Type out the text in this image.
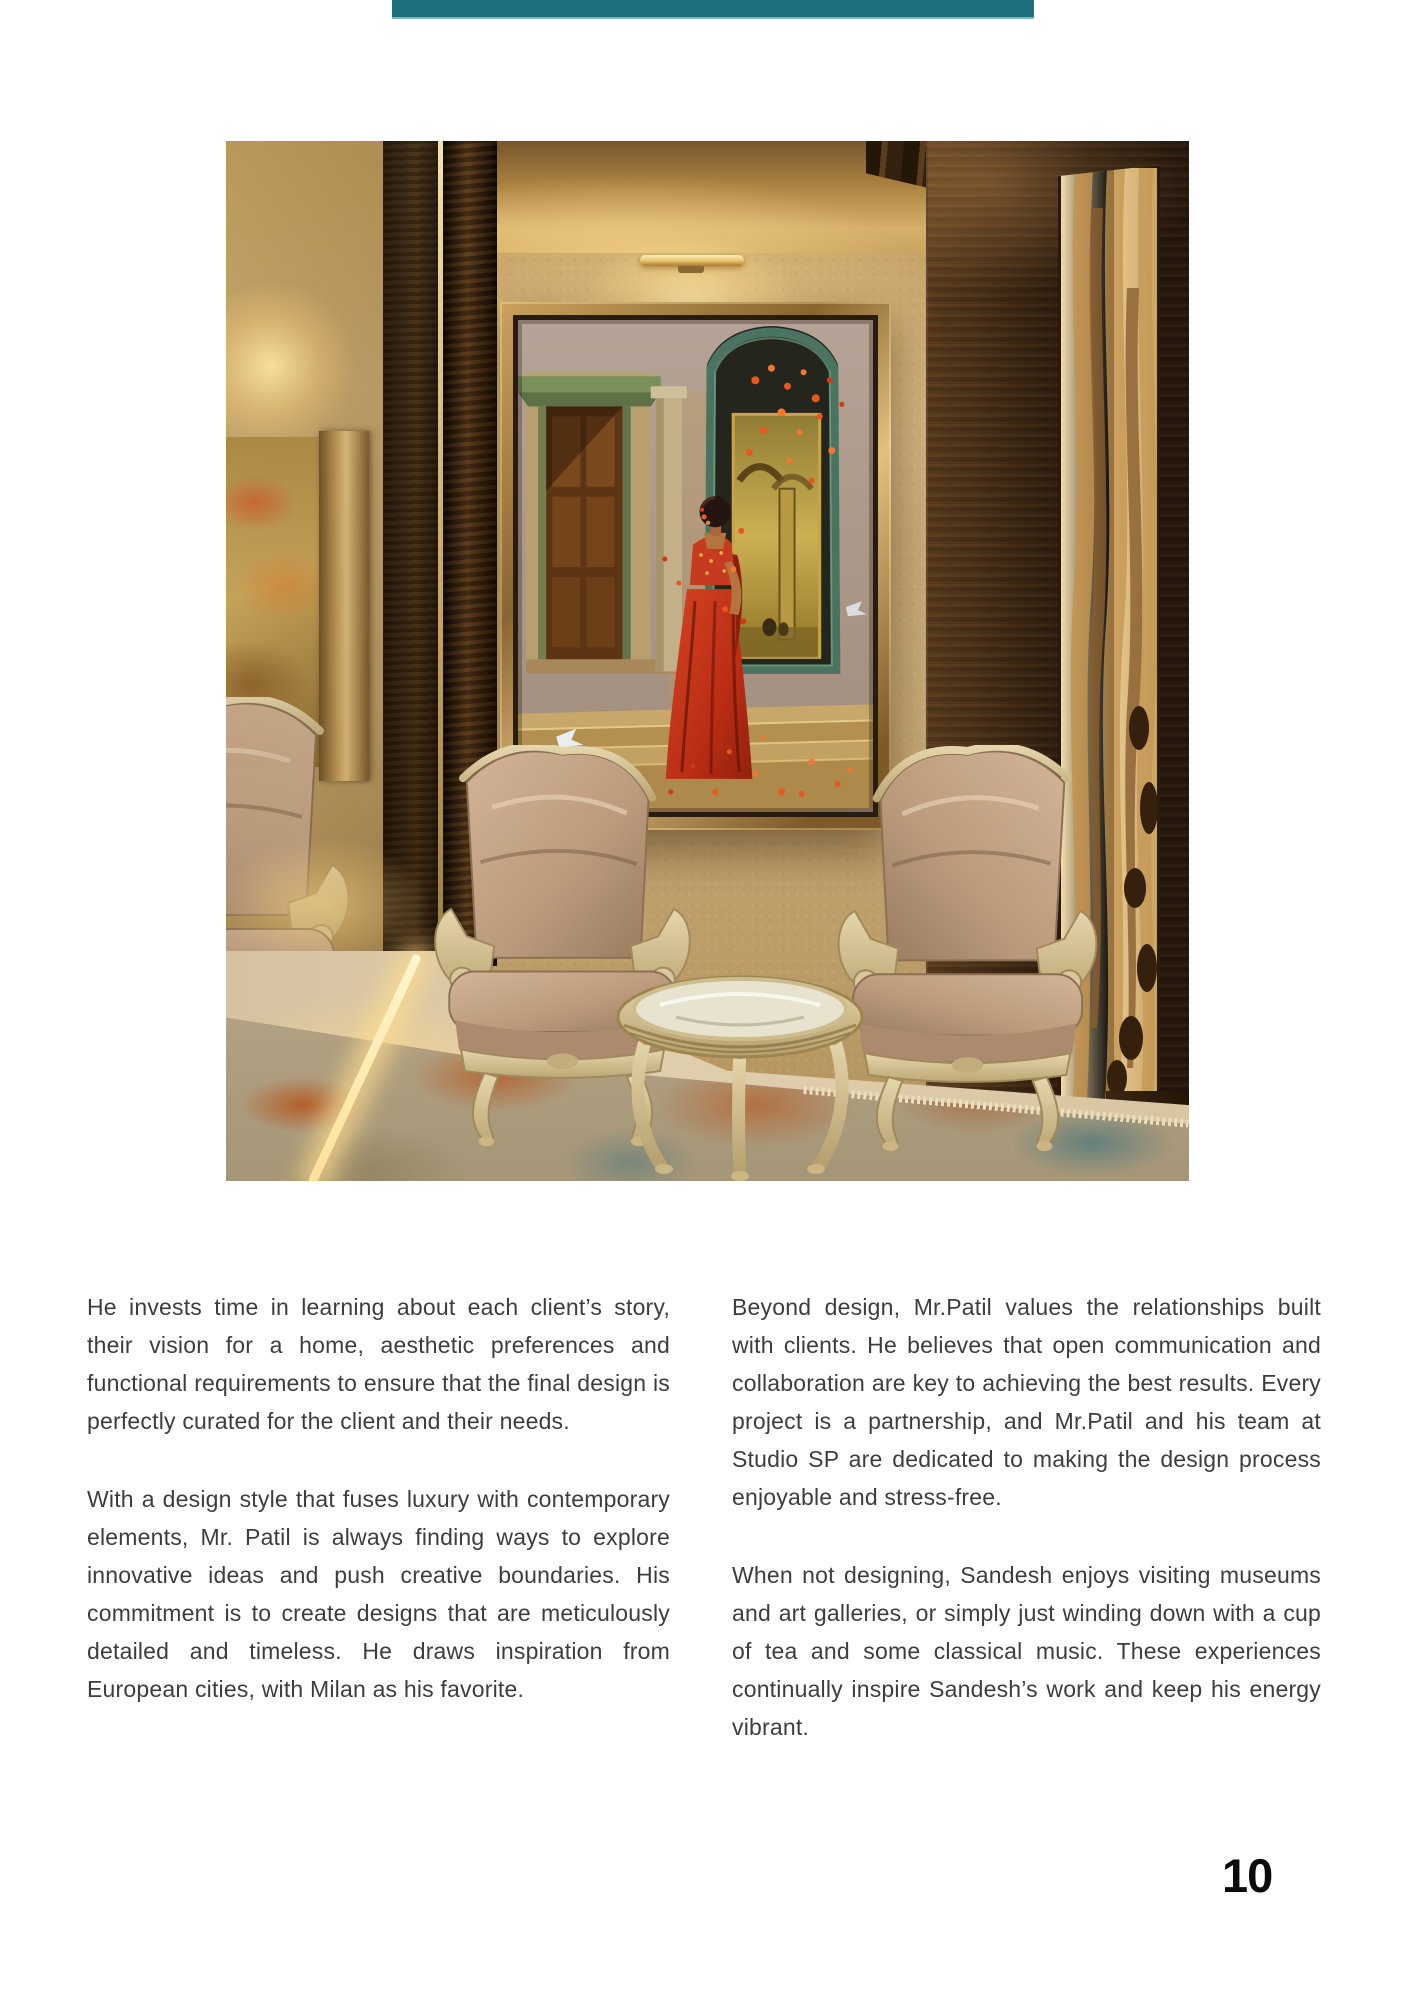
He invests time in learning about each client’s story, their vision for a home, aesthetic preferences and functional requirements to ensure that the final design is perfectly curated for the client and their needs.

With a design style that fuses luxury with contemporary elements, Mr. Patil is always finding ways to explore innovative ideas and push creative boundaries. His commitment is to create designs that are meticulously detailed and timeless. He draws inspiration from European cities, with Milan as his favorite.

Beyond design, Mr.Patil values the relationships built with clients. He believes that open communication and collaboration are key to achieving the best results. Every project is a partnership, and Mr.Patil and his team at Studio SP are dedicated to making the design process enjoyable and stress-free.

When not designing, Sandesh enjoys visiting museums and art galleries, or simply just winding down with a cup of tea and some classical music. These experiences continually inspire Sandesh’s work and keep his energy vibrant.

10
